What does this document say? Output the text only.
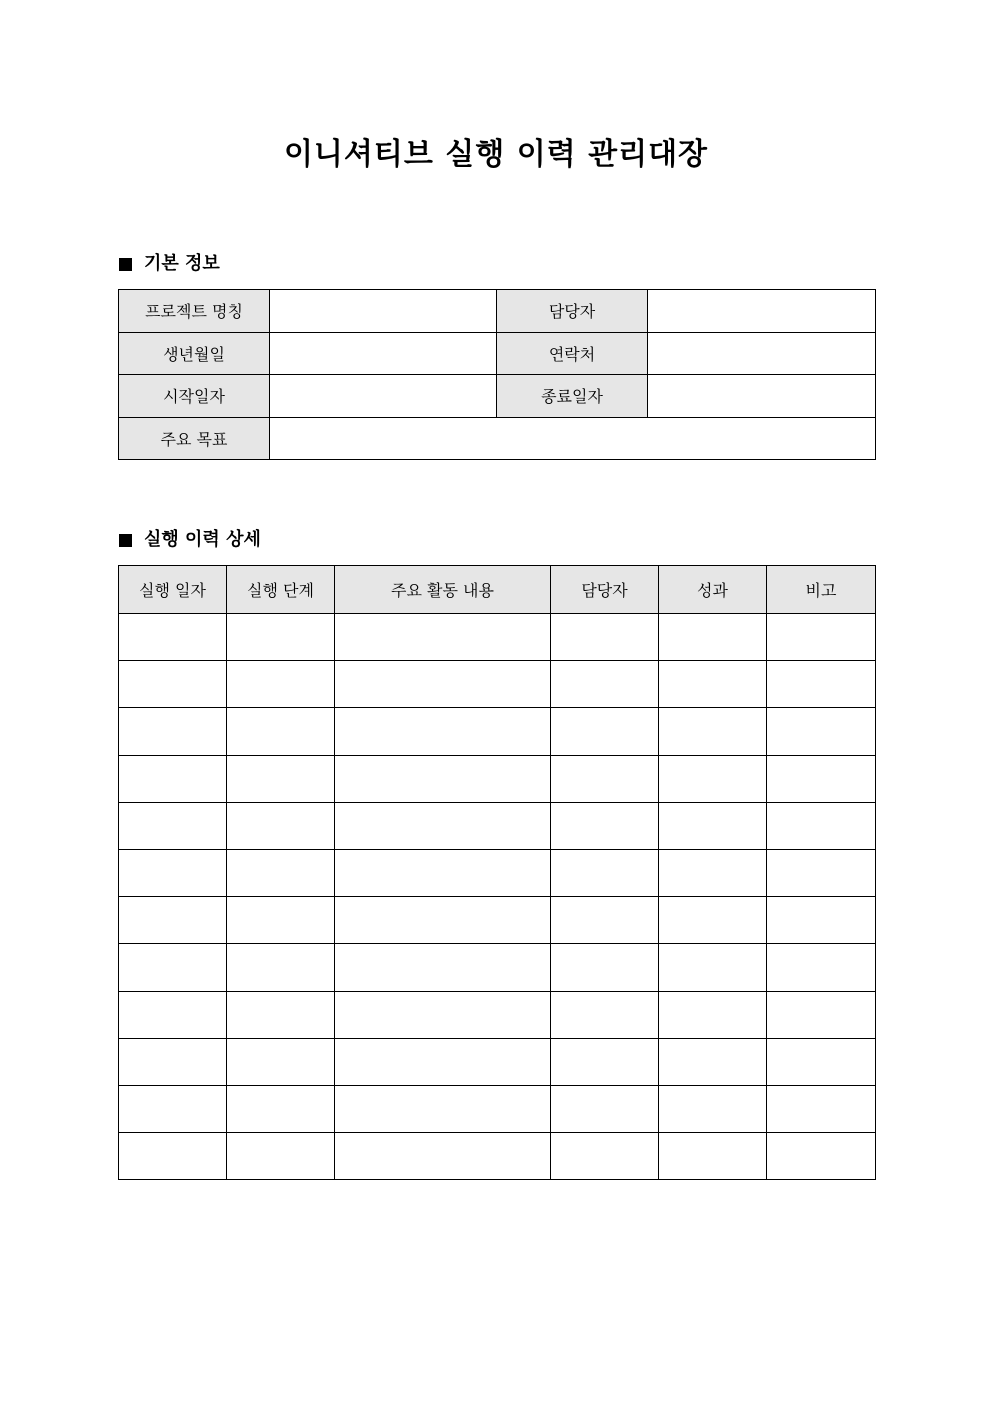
이니셔티브 실행 이력 관리대장
기본 정보
프로젝트 명칭		담당자	
생년월일		연락처	
시작일자		종료일자	
주요 목표			
실행 이력 상세
실행 일자	실행 단계	주요 활동 내용	담당자	성과	비고
